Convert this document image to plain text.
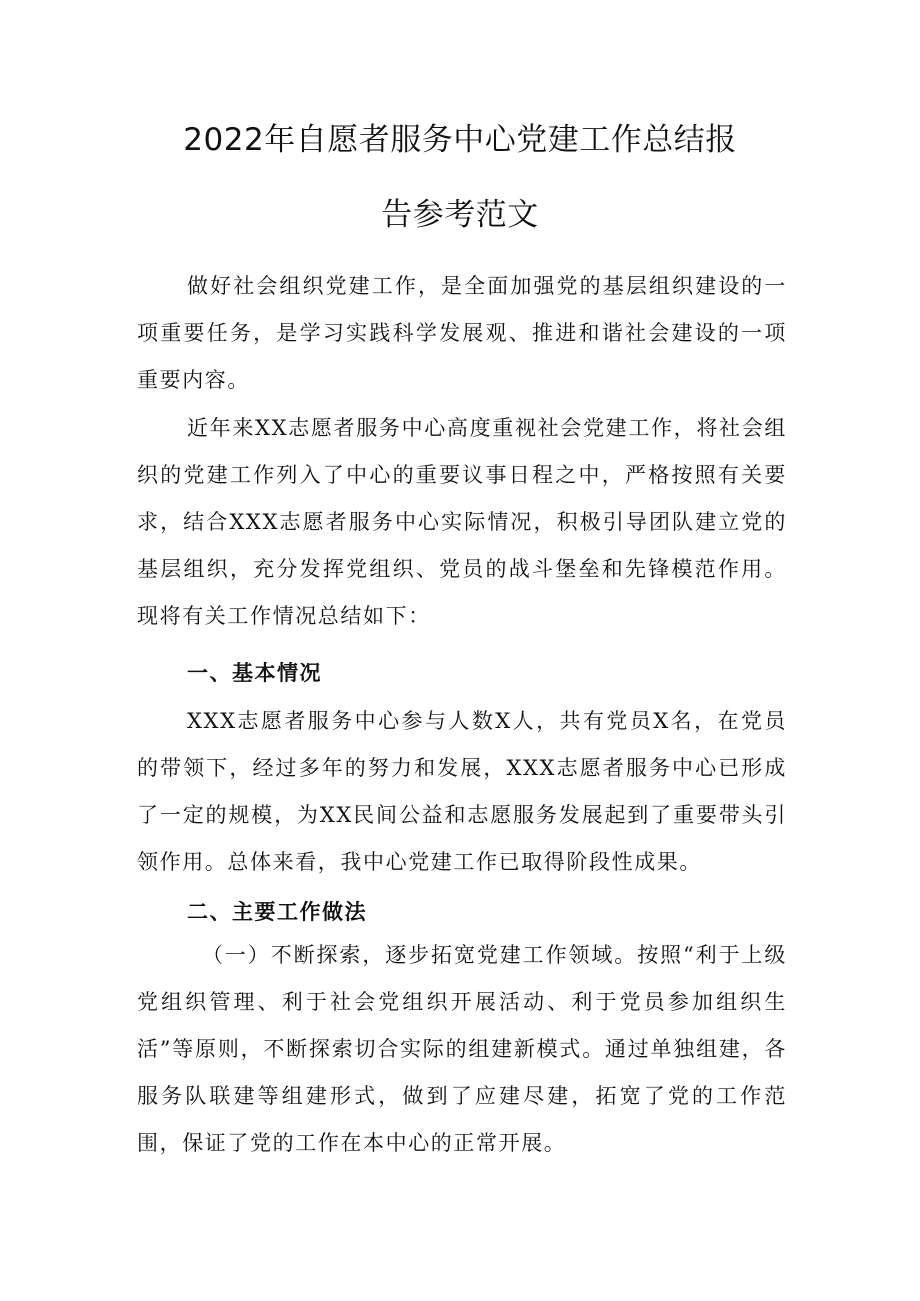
2022年自愿者服务中心党建工作总结报
告参考范文

做好社会组织党建工作，是全面加强党的基层组织建设的一项重要任务，是学习实践科学发展观、推进和谐社会建设的一项重要内容。

近年来XX志愿者服务中心高度重视社会党建工作，将社会组织的党建工作列入了中心的重要议事日程之中，严格按照有关要求，结合XXX志愿者服务中心实际情况，积极引导团队建立党的基层组织，充分发挥党组织、党员的战斗堡垒和先锋模范作用。现将有关工作情况总结如下：

一、基本情况

XXX志愿者服务中心参与人数X人，共有党员X名，在党员的带领下，经过多年的努力和发展，XXX志愿者服务中心已形成了一定的规模，为XX民间公益和志愿服务发展起到了重要带头引领作用。总体来看，我中心党建工作已取得阶段性成果。

二、主要工作做法

（一）不断探索，逐步拓宽党建工作领域。按照“利于上级党组织管理、利于社会党组织开展活动、利于党员参加组织生活”等原则，不断探索切合实际的组建新模式。通过单独组建，各服务队联建等组建形式，做到了应建尽建，拓宽了党的工作范围，保证了党的工作在本中心的正常开展。
